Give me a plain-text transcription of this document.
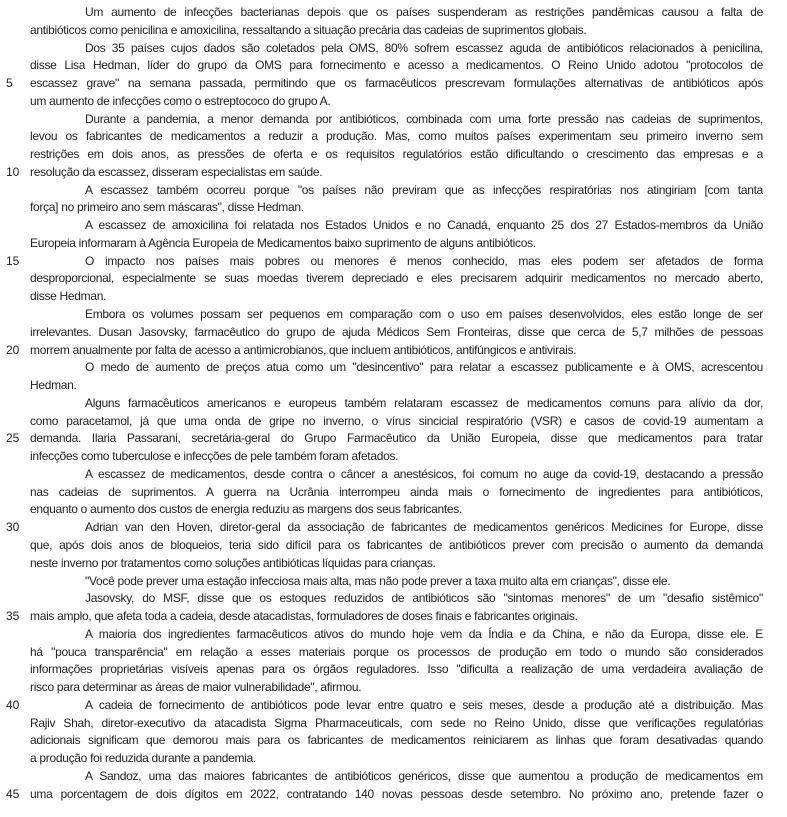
Um aumento de infecções bacterianas depois que os países suspenderam as restrições pandêmicas causou a falta de
antibióticos como penicilina e amoxicilina, ressaltando a situação precária das cadeias de suprimentos globais.
Dos 35 países cujos dados são coletados pela OMS, 80% sofrem escassez aguda de antibióticos relacionados à penicilina,
disse Lisa Hedman, líder do grupo da OMS para fornecimento e acesso a medicamentos. O Reino Unido adotou "protocolos de
5	escassez grave" na semana passada, permitindo que os farmacêuticos prescrevam formulações alternativas de antibióticos após
um aumento de infecções como o estreptococo do grupo A.
Durante a pandemia, a menor demanda por antibióticos, combinada com uma forte pressão nas cadeias de suprimentos,
levou os fabricantes de medicamentos a reduzir a produção. Mas, como muitos países experimentam seu primeiro inverno sem
restrições em dois anos, as pressões de oferta e os requisitos regulatórios estão dificultando o crescimento das empresas e a
10 resolução da escassez, disseram especialistas em saúde.
A escassez também ocorreu porque "os países não previram que as infecções respiratórias nos atingiriam [com tanta
força] no primeiro ano sem máscaras", disse Hedman.
A escassez de amoxicilina foi relatada nos Estados Unidos e no Canadá, enquanto 25 dos 27 Estados-membros da União
Europeia informaram à Agência Europeia de Medicamentos baixo suprimento de alguns antibióticos.
15	O impacto nos países mais pobres ou menores é menos conhecido, mas eles podem ser afetados de forma
desproporcional, especialmente se suas moedas tiverem depreciado e eles precisarem adquirir medicamentos no mercado aberto,
disse Hedman.
Embora os volumes possam ser pequenos em comparação com o uso em países desenvolvidos, eles estão longe de ser
irrelevantes. Dusan Jasovsky, farmacêutico do grupo de ajuda Médicos Sem Fronteiras, disse que cerca de 5,7 milhões de pessoas
20 morrem anualmente por falta de acesso a antimicrobianos, que incluem antibióticos, antifúngicos e antivirais.
O medo de aumento de preços atua como um "desincentivo" para relatar a escassez publicamente e à OMS, acrescentou
Hedman.
Alguns farmacêuticos americanos e europeus também relataram escassez de medicamentos comuns para alívio da dor,
como paracetamol, já que uma onda de gripe no inverno, o vírus sincicial respiratório (VSR) e casos de covid-19 aumentam a
25 demanda. Ilaria Passarani, secretária-geral do Grupo Farmacêutico da União Europeia, disse que medicamentos para tratar
infecções como tuberculose e infecções de pele também foram afetados.
A escassez de medicamentos, desde contra o câncer a anestésicos, foi comum no auge da covid-19, destacando a pressão
nas cadeias de suprimentos. A guerra na Ucrânia interrompeu ainda mais o fornecimento de ingredientes para antibióticos,
enquanto o aumento dos custos de energia reduziu as margens dos seus fabricantes.
30	Adrian van den Hoven, diretor-geral da associação de fabricantes de medicamentos genéricos Medicines for Europe, disse
que, após dois anos de bloqueios, teria sido difícil para os fabricantes de antibióticos prever com precisão o aumento da demanda
neste inverno por tratamentos como soluções antibióticas líquidas para crianças.
"Você pode prever uma estação infecciosa mais alta, mas não pode prever a taxa muito alta em crianças", disse ele.
Jasovsky, do MSF, disse que os estoques reduzidos de antibióticos são "sintomas menores" de um "desafio sistêmico"
35 mais amplo, que afeta toda a cadeia, desde atacadistas, formuladores de doses finais e fabricantes originais.
A maioria dos ingredientes farmacêuticos ativos do mundo hoje vem da Índia e da China, e não da Europa, disse ele. E
há "pouca transparência" em relação a esses materiais porque os processos de produção em todo o mundo são considerados
informações proprietárias visíveis apenas para os órgãos reguladores. Isso "dificulta a realização de uma verdadeira avaliação de
risco para determinar as áreas de maior vulnerabilidade", afirmou.
40	A cadeia de fornecimento de antibióticos pode levar entre quatro e seis meses, desde a produção até a distribuição. Mas
Rajiv Shah, diretor-executivo da atacadista Sigma Pharmaceuticals, com sede no Reino Unido, disse que verificações regulatórias
adicionais significam que demorou mais para os fabricantes de medicamentos reiniciarem as linhas que foram desativadas quando
a produção foi reduzida durante a pandemia.
A Sandoz, uma das maiores fabricantes de antibióticos genéricos, disse que aumentou a produção de medicamentos em
45 uma porcentagem de dois dígitos em 2022, contratando 140 novas pessoas desde setembro. No próximo ano, pretende fazer o
